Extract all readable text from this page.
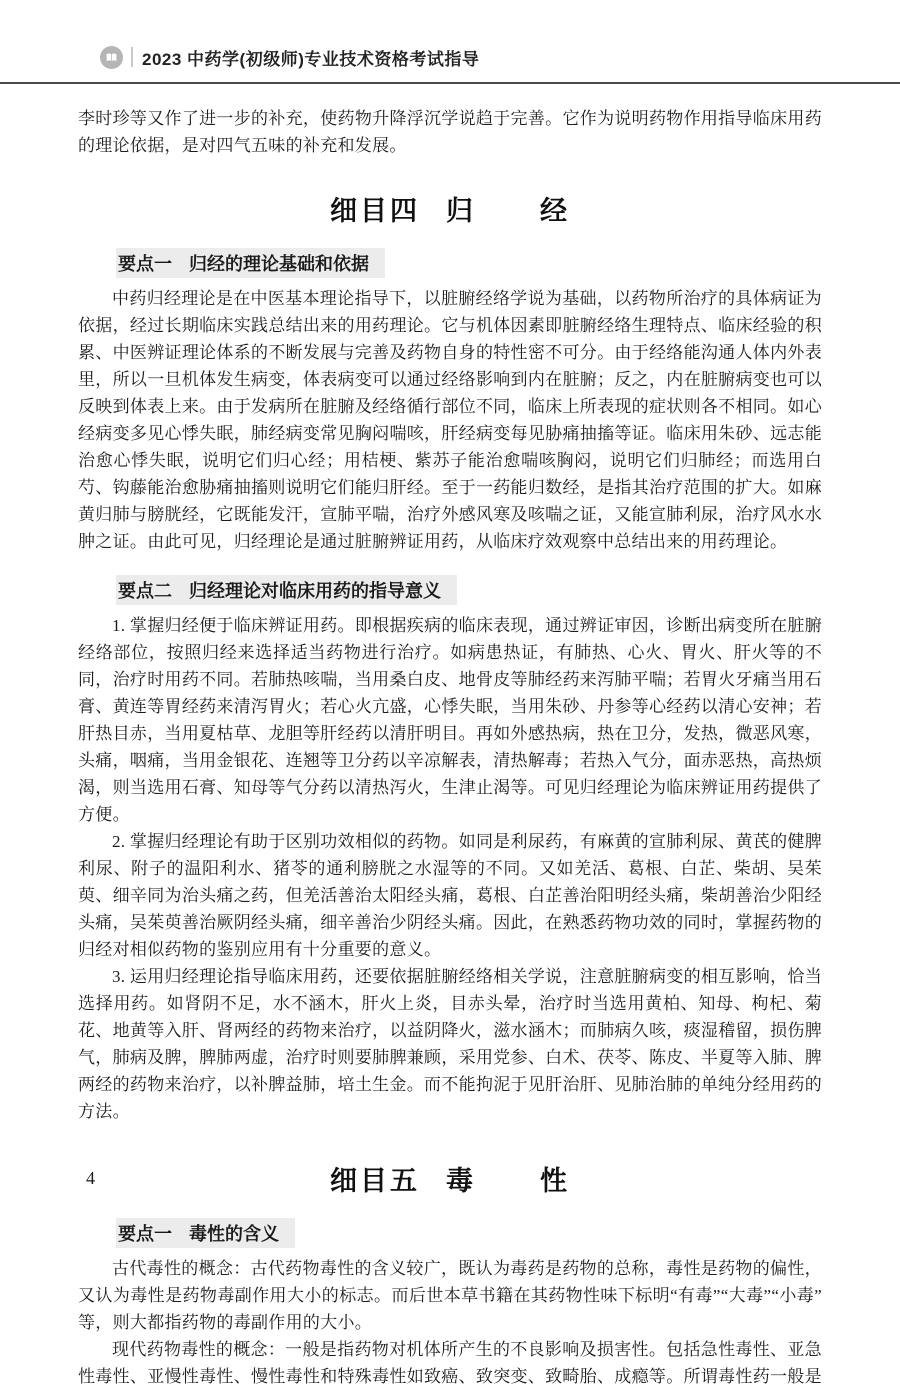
2023 中药学(初级师)专业技术资格考试指导

李时珍等又作了进一步的补充，使药物升降浮沉学说趋于完善。它作为说明药物作用指导临床用药的理论依据，是对四气五味的补充和发展。

细目四 归 经
要点一 归经的理论基础和依据

中药归经理论是在中医基本理论指导下，以脏腑经络学说为基础，以药物所治疗的具体病证为依据，经过长期临床实践总结出来的用药理论。它与机体因素即脏腑经络生理特点、临床经验的积累、中医辨证理论体系的不断发展与完善及药物自身的特性密不可分。由于经络能沟通人体内外表里，所以一旦机体发生病变，体表病变可以通过经络影响到内在脏腑；反之，内在脏腑病变也可以反映到体表上来。由于发病所在脏腑及经络循行部位不同，临床上所表现的症状则各不相同。如心经病变多见心悸失眠，肺经病变常见胸闷喘咳，肝经病变每见胁痛抽搐等证。临床用朱砂、远志能治愈心悸失眠，说明它们归心经；用桔梗、紫苏子能治愈喘咳胸闷，说明它们归肺经；而选用白芍、钩藤能治愈胁痛抽搐则说明它们能归肝经。至于一药能归数经，是指其治疗范围的扩大。如麻黄归肺与膀胱经，它既能发汗，宣肺平喘，治疗外感风寒及咳喘之证，又能宣肺利尿，治疗风水水肿之证。由此可见，归经理论是通过脏腑辨证用药，从临床疗效观察中总结出来的用药理论。

要点二 归经理论对临床用药的指导意义

1. 掌握归经便于临床辨证用药。即根据疾病的临床表现，通过辨证审因，诊断出病变所在脏腑经络部位，按照归经来选择适当药物进行治疗。如病患热证，有肺热、心火、胃火、肝火等的不同，治疗时用药不同。若肺热咳喘，当用桑白皮、地骨皮等肺经药来泻肺平喘；若胃火牙痛当用石膏、黄连等胃经药来清泻胃火；若心火亢盛，心悸失眠，当用朱砂、丹参等心经药以清心安神；若肝热目赤，当用夏枯草、龙胆等肝经药以清肝明目。再如外感热病，热在卫分，发热，微恶风寒，头痛，咽痛，当用金银花、连翘等卫分药以辛凉解表，清热解毒；若热入气分，面赤恶热，高热烦渴，则当选用石膏、知母等气分药以清热泻火，生津止渴等。可见归经理论为临床辨证用药提供了方便。

2. 掌握归经理论有助于区别功效相似的药物。如同是利尿药，有麻黄的宣肺利尿、黄芪的健脾利尿、附子的温阳利水、猪苓的通利膀胱之水湿等的不同。又如羌活、葛根、白芷、柴胡、吴茱萸、细辛同为治头痛之药，但羌活善治太阳经头痛，葛根、白芷善治阳明经头痛，柴胡善治少阳经头痛，吴茱萸善治厥阴经头痛，细辛善治少阴经头痛。因此，在熟悉药物功效的同时，掌握药物的归经对相似药物的鉴别应用有十分重要的意义。

3. 运用归经理论指导临床用药，还要依据脏腑经络相关学说，注意脏腑病变的相互影响，恰当选择用药。如肾阴不足，水不涵木，肝火上炎，目赤头晕，治疗时当选用黄柏、知母、枸杞、菊花、地黄等入肝、肾两经的药物来治疗，以益阴降火，滋水涵木；而肺病久咳，痰湿稽留，损伤脾气，肺病及脾，脾肺两虚，治疗时则要肺脾兼顾，采用党参、白术、茯苓、陈皮、半夏等入肺、脾两经的药物来治疗，以补脾益肺，培土生金。而不能拘泥于见肝治肝、见肺治肺的单纯分经用药的方法。

细目五 毒 性
要点一 毒性的含义

古代毒性的概念：古代药物毒性的含义较广，既认为毒药是药物的总称，毒性是药物的偏性，又认为毒性是药物毒副作用大小的标志。而后世本草书籍在其药物性味下标明“有毒”“大毒”“小毒”等，则大都指药物的毒副作用的大小。

现代药物毒性的概念：一般是指药物对机体所产生的不良影响及损害性。包括急性毒性、亚急性毒性、亚慢性毒性、慢性毒性和特殊毒性如致癌、致突变、致畸胎、成瘾等。所谓毒性药一般是

4
